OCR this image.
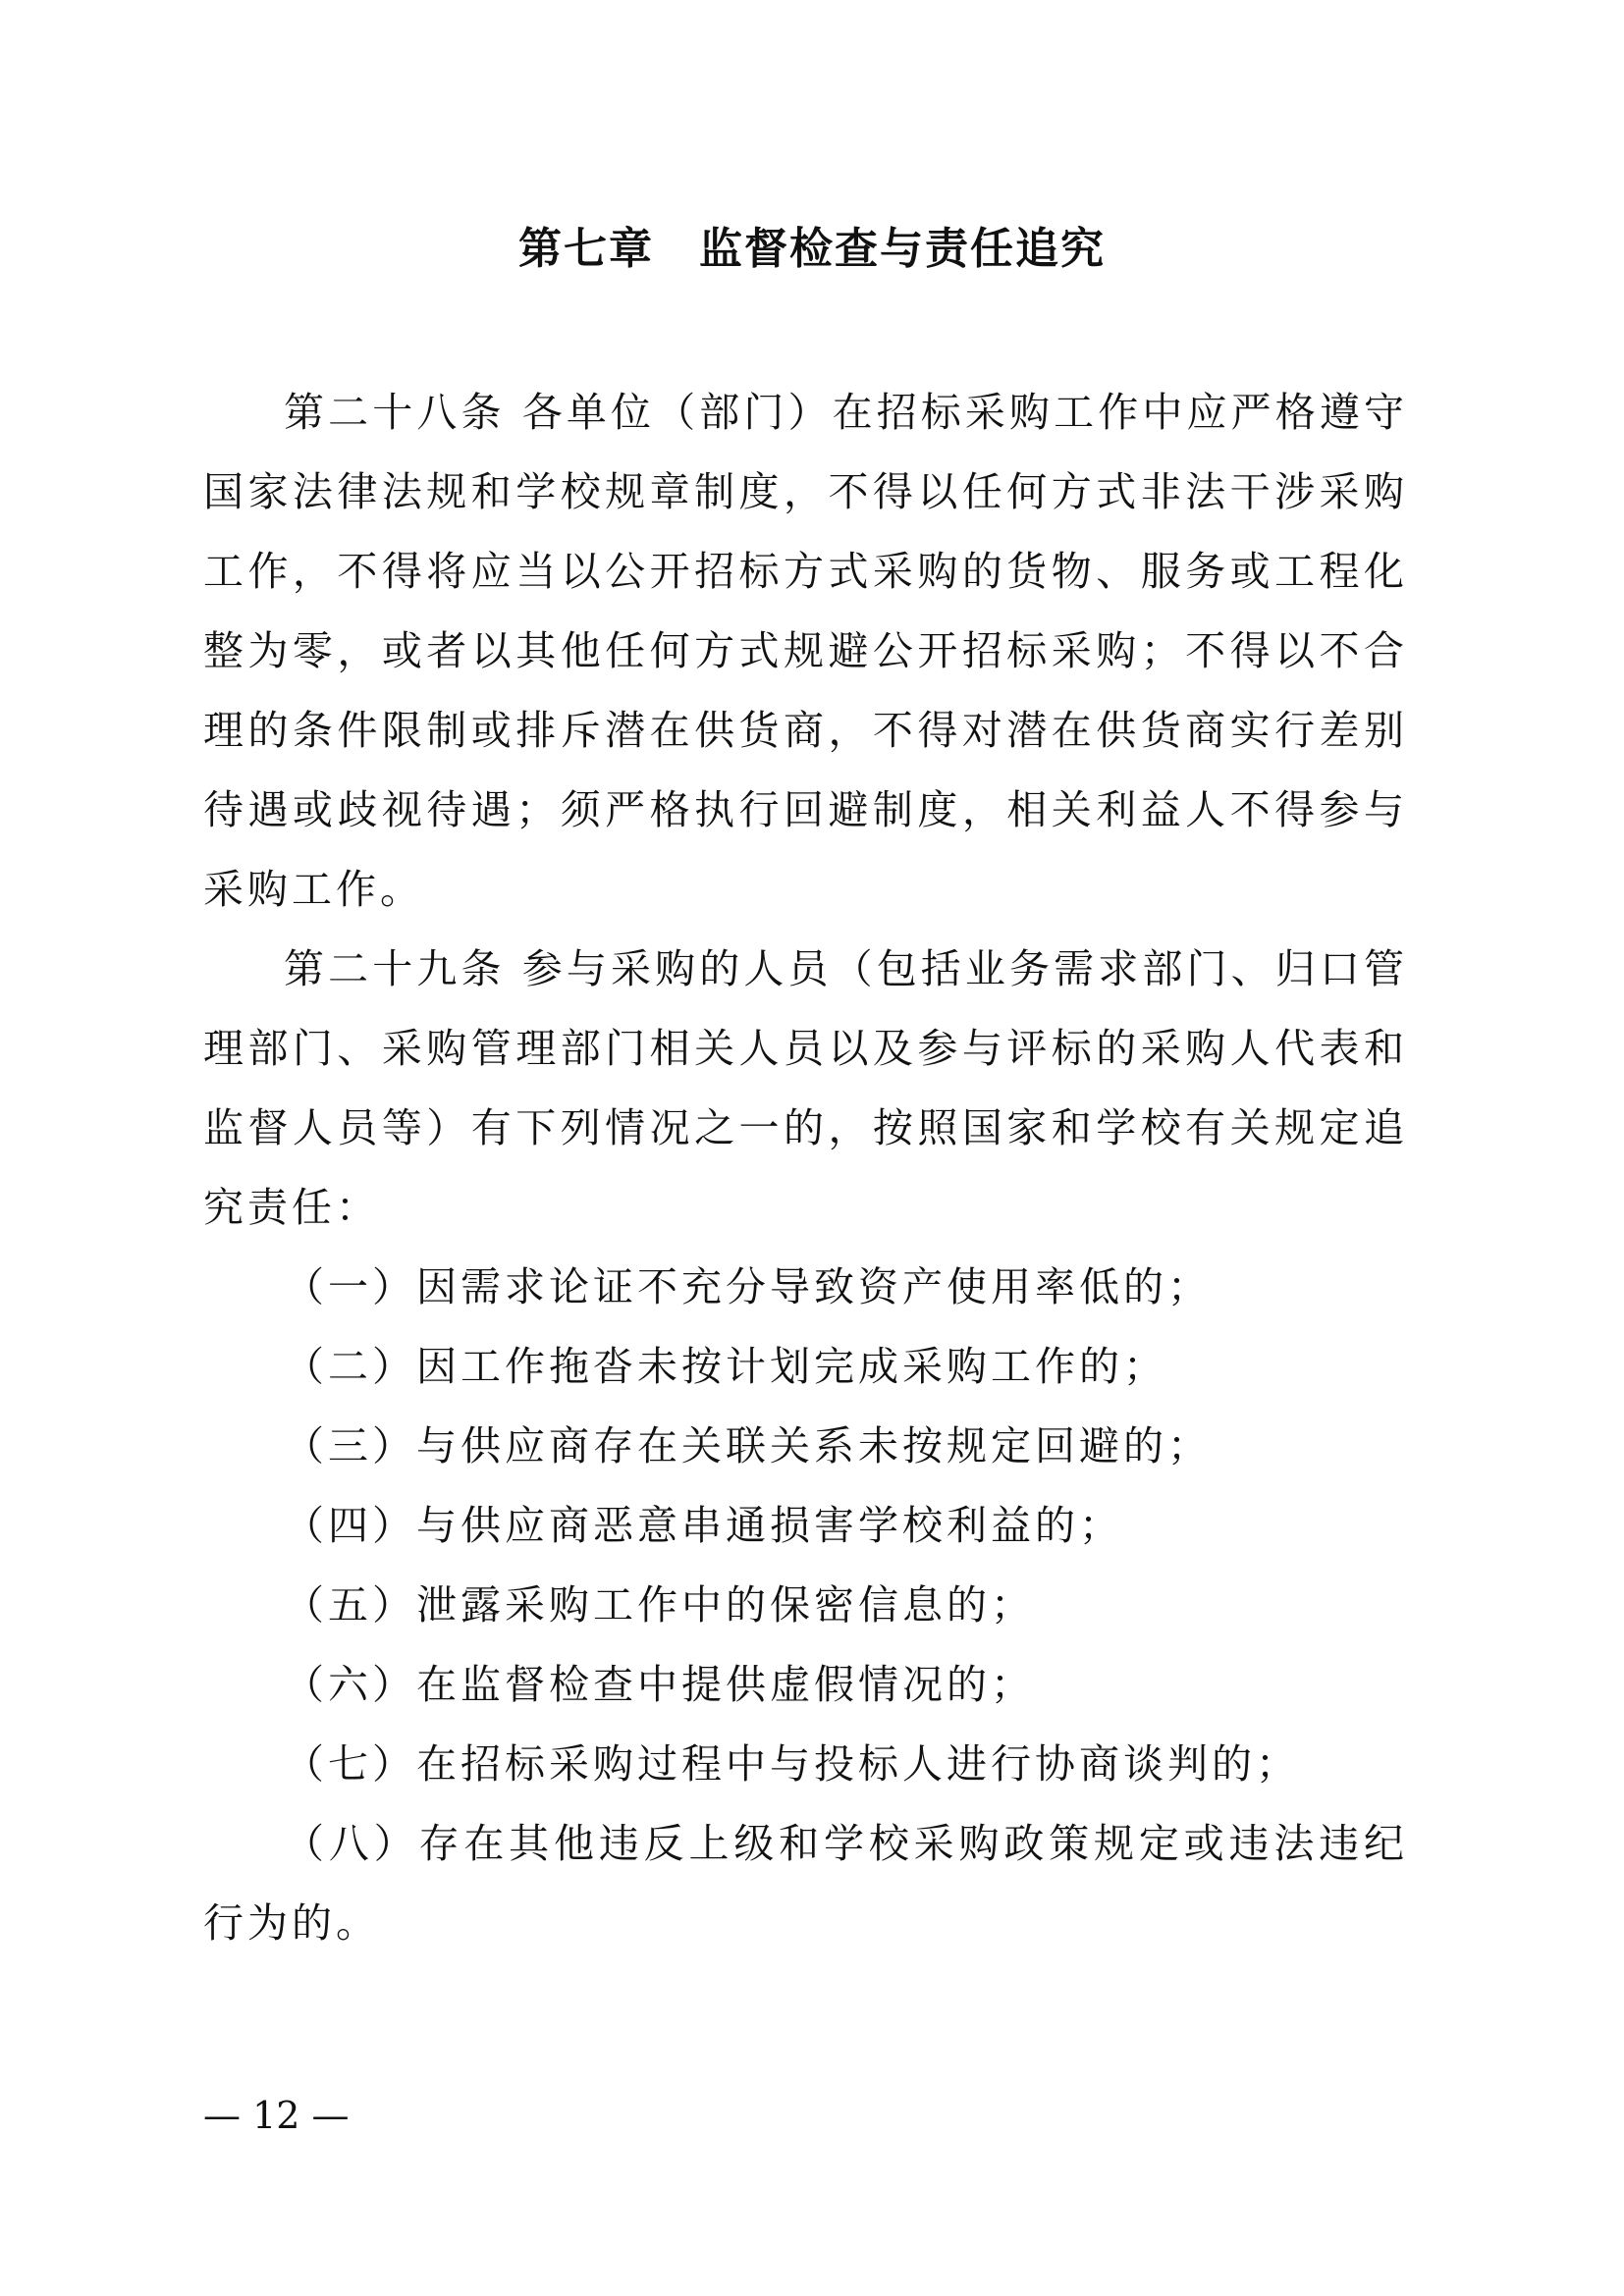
第七章　监督检查与责任追究

第二十八条 各单位（部门）在招标采购工作中应严格遵守国家法律法规和学校规章制度，不得以任何方式非法干涉采购工作，不得将应当以公开招标方式采购的货物、服务或工程化整为零，或者以其他任何方式规避公开招标采购；不得以不合理的条件限制或排斥潜在供货商，不得对潜在供货商实行差别待遇或歧视待遇；须严格执行回避制度，相关利益人不得参与采购工作。

第二十九条 参与采购的人员（包括业务需求部门、归口管理部门、采购管理部门相关人员以及参与评标的采购人代表和监督人员等）有下列情况之一的，按照国家和学校有关规定追究责任：

（一）因需求论证不充分导致资产使用率低的；

（二）因工作拖沓未按计划完成采购工作的；

（三）与供应商存在关联关系未按规定回避的；

（四）与供应商恶意串通损害学校利益的；

（五）泄露采购工作中的保密信息的；

（六）在监督检查中提供虚假情况的；

（七）在招标采购过程中与投标人进行协商谈判的；

（八）存在其他违反上级和学校采购政策规定或违法违纪行为的。

— 12 —
